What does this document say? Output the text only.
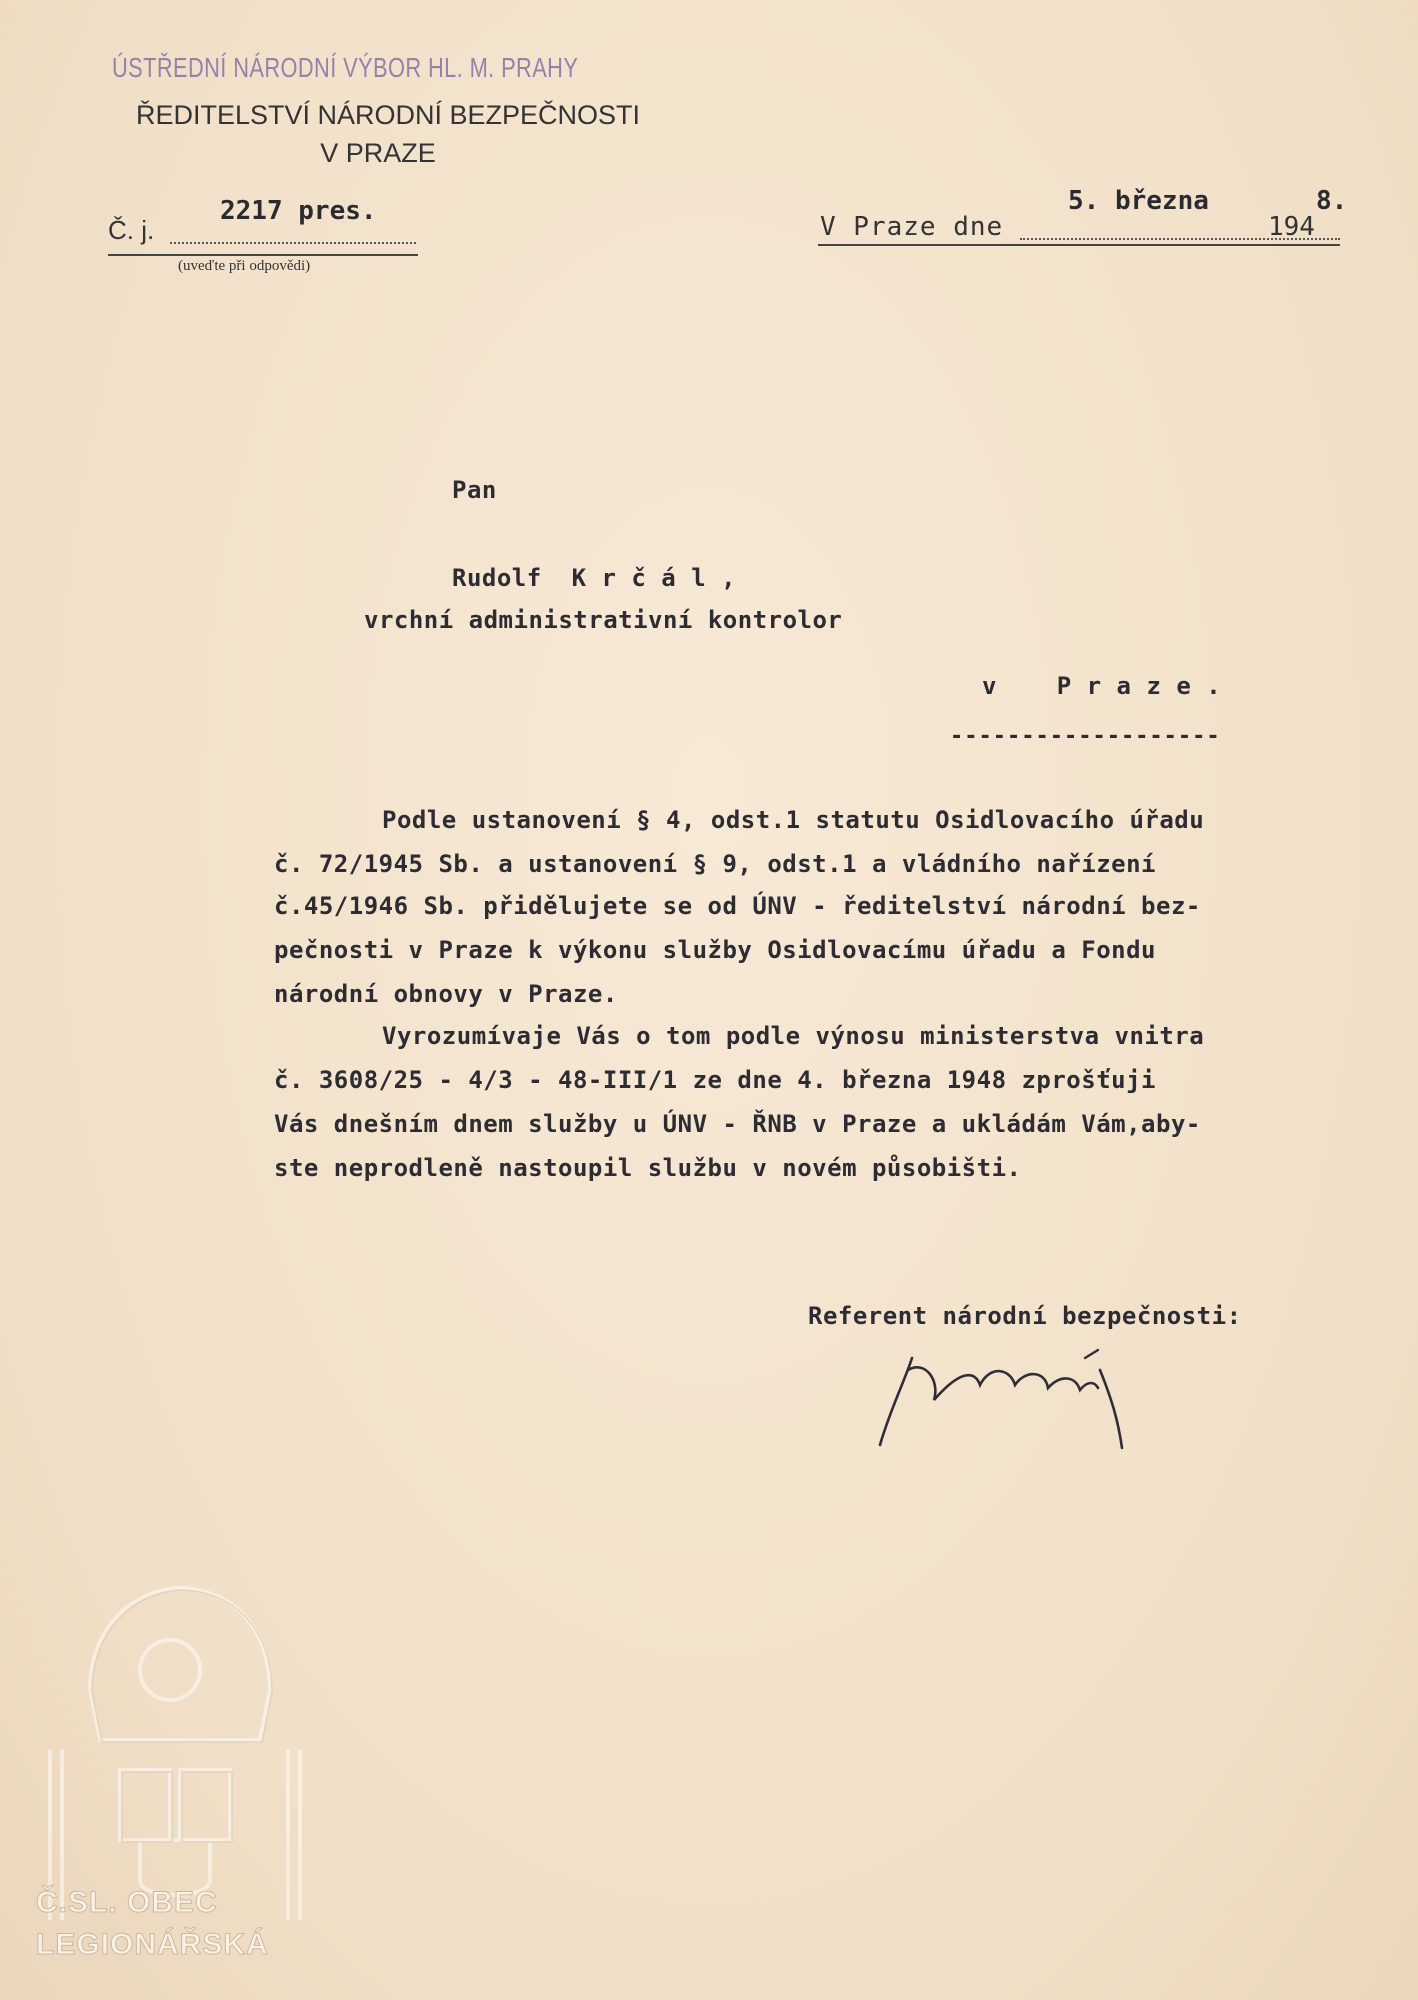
ÚSTŘEDNÍ NÁRODNÍ VÝBOR HL. M. PRAHY
ŘEDITELSTVÍ NÁRODNÍ BEZPEČNOSTI
V PRAZE
Č. j.
2217 pres.
(uveďte při odpovědi)
V Praze dne
5. března
194
8.
Pan
Rudolf  K r č á l ,
vrchní administrativní kontrolor
v    P r a z e .
-------------------
Podle ustanovení § 4, odst.1 statutu Osidlovacího úřadu
č. 72/1945 Sb. a ustanovení § 9, odst.1 a vládního nařízení
č.45/1946 Sb. přidělujete se od ÚNV - ředitelství národní bez-
pečnosti v Praze k výkonu služby Osidlovacímu úřadu a Fondu
národní obnovy v Praze.
Vyrozumívaje Vás o tom podle výnosu ministerstva vnitra
č. 3608/25 - 4/3 - 48-III/1 ze dne 4. března 1948 zprošťuji
Vás dnešním dnem služby u ÚNV - ŘNB v Praze a ukládám Vám,aby-
ste neprodleně nastoupil službu v novém působišti.
Referent národní bezpečnosti:
Č.SL. OBEC
LEGIONÁŘSKÁ
